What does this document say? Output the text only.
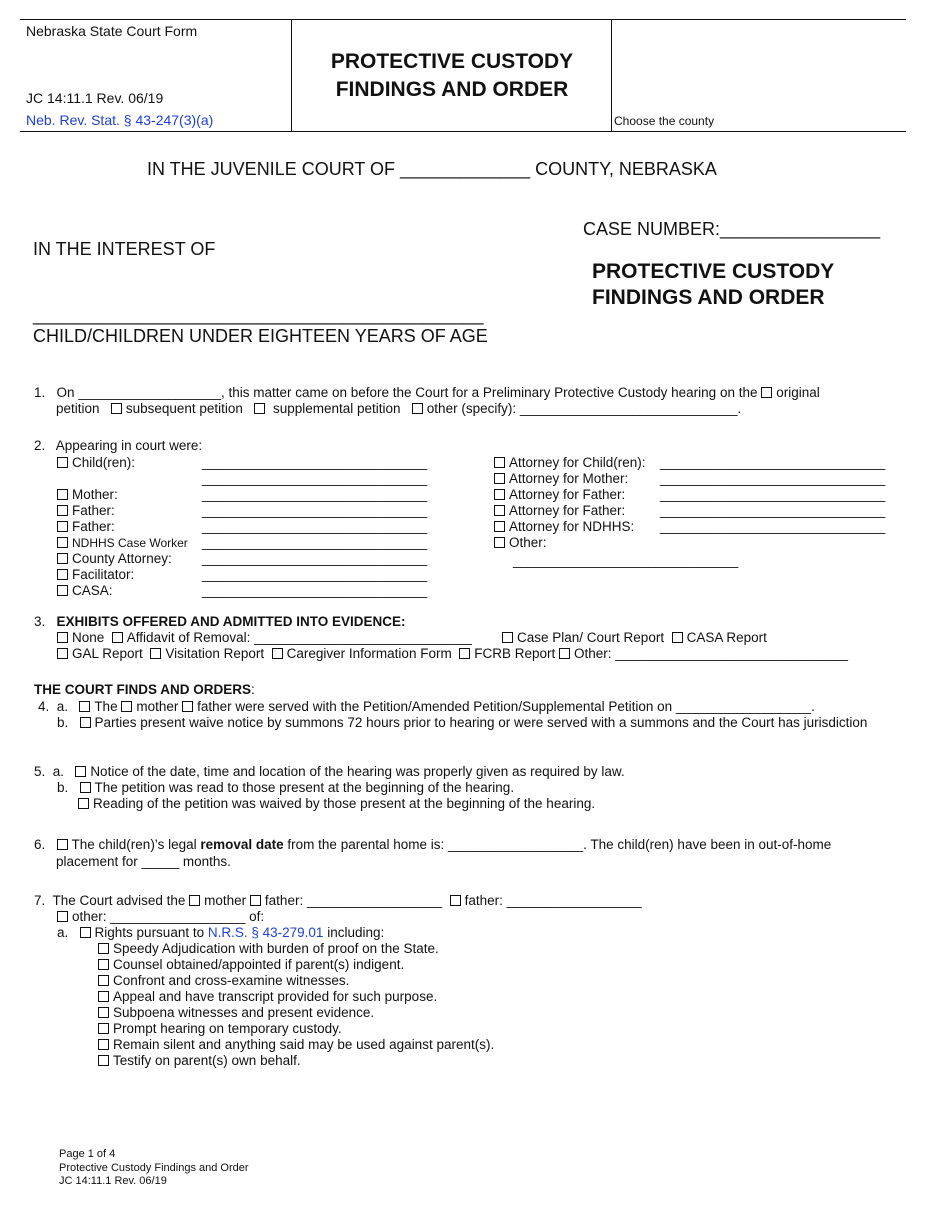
Nebraska State Court Form
JC 14:11.1 Rev. 06/19
Neb. Rev. Stat. § 43-247(3)(a)
PROTECTIVE CUSTODY
FINDINGS AND ORDER
Choose the county
IN THE JUVENILE COURT OF _____________ COUNTY, NEBRASKA
CASE NUMBER:________________
IN THE INTEREST OF
PROTECTIVE CUSTODY
FINDINGS AND ORDER
_____________________________________________
CHILD/CHILDREN UNDER EIGHTEEN YEARS OF AGE
1. On ___________________, this matter came on before the Court for a Preliminary Protective Custody hearing on the original
petition subsequent petition supplemental petition other (specify): _____________________________.
2. Appearing in court were:
Child(ren):	______________________________
______________________________
Mother:	______________________________
Father:	______________________________
Father:	______________________________
NDHHS Case Worker ______________________________
County Attorney: ______________________________
Facilitator:	______________________________
CASA:	______________________________
Attorney for Child(ren): ______________________________
Attorney for Mother: ______________________________
Attorney for Father:	______________________________
Attorney for Father:	______________________________
Attorney for NDHHS: ______________________________
Other:
______________________________
3. EXHIBITS OFFERED AND ADMITTED INTO EVIDENCE:
None Affidavit of Removal: _____________________________	Case Plan/ Court Report CASA Report
GAL Report Visitation Report Caregiver Information Form FCRB Report Other: _______________________________
THE COURT FINDS AND ORDERS:
4. a. The mother father were served with the Petition/Amended Petition/Supplemental Petition on __________________.
b. Parties present waive notice by summons 72 hours prior to hearing or were served with a summons and the Court has jurisdiction
5. a. Notice of the date, time and location of the hearing was properly given as required by law.
b. The petition was read to those present at the beginning of the hearing.
Reading of the petition was waived by those present at the beginning of the hearing.
6. The child(ren)’s legal removal date from the parental home is: __________________. The child(ren) have been in out-of-home
placement for _____ months.
7. The Court advised the mother father: __________________ father: __________________
other: __________________ of:
a. Rights pursuant to N.R.S. § 43-279.01 including:
Speedy Adjudication with burden of proof on the State.
Counsel obtained/appointed if parent(s) indigent.
Confront and cross-examine witnesses.
Appeal and have transcript provided for such purpose.
Subpoena witnesses and present evidence.
Prompt hearing on temporary custody.
Remain silent and anything said may be used against parent(s).
Testify on parent(s) own behalf.
Page 1 of 4
Protective Custody Findings and Order
JC 14:11.1 Rev. 06/19
